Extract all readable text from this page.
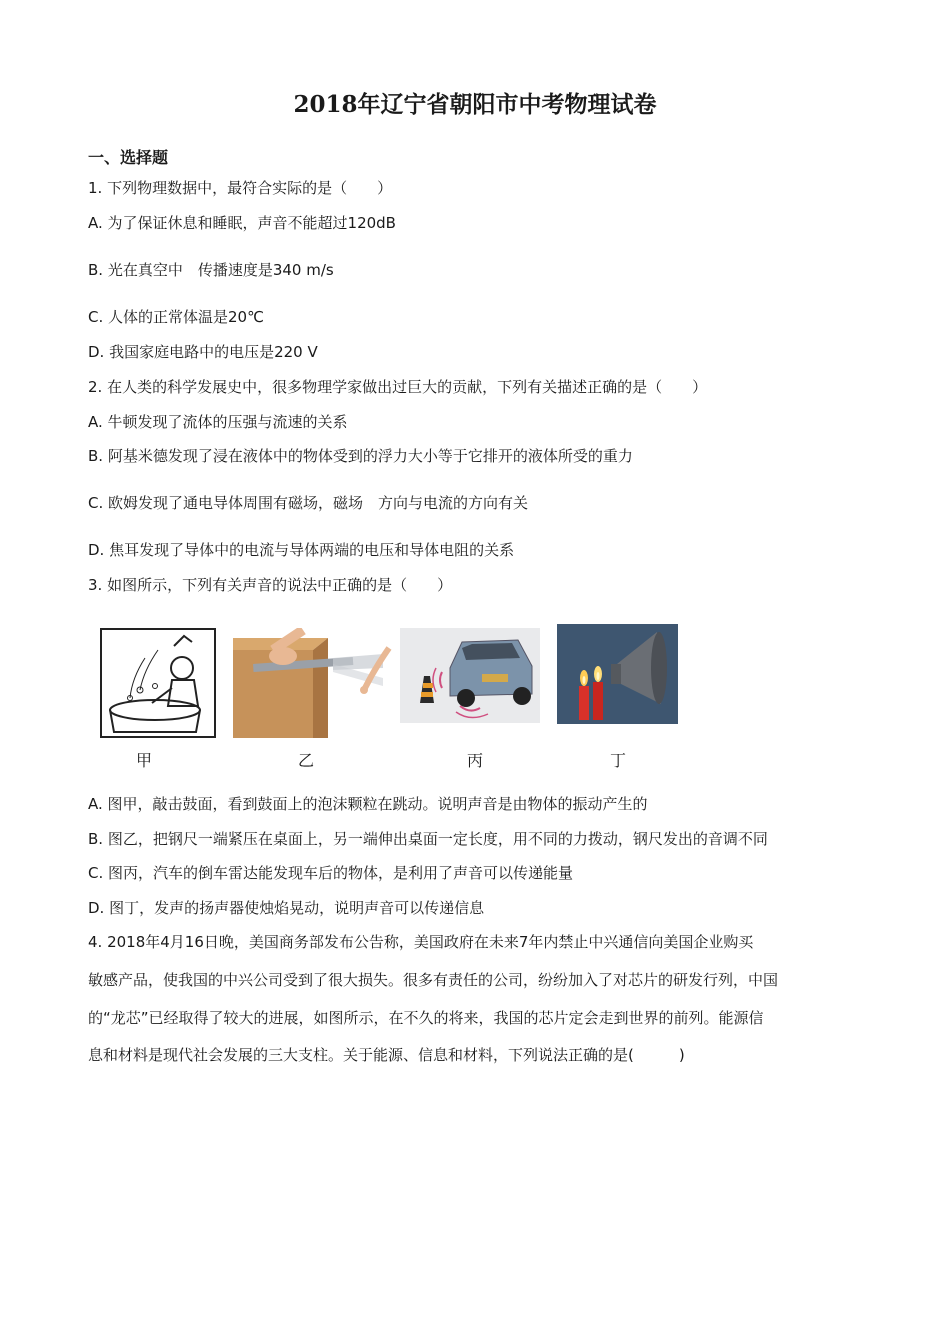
2018年辽宁省朝阳市中考物理试卷
一、选择题
1. 下列物理数据中，最符合实际的是（　　）
A. 为了保证休息和睡眠，声音不能超过120dB
B. 光在真空中　传播速度是340 m/s
C. 人体的正常体温是20℃
D. 我国家庭电路中的电压是220 V
2. 在人类的科学发展史中，很多物理学家做出过巨大的贡献，下列有关描述正确的是（　　）
A. 牛顿发现了流体的压强与流速的关系
B. 阿基米德发现了浸在液体中的物体受到的浮力大小等于它排开的液体所受的重力
C. 欧姆发现了通电导体周围有磁场，磁场　方向与电流的方向有关
D. 焦耳发现了导体中的电流与导体两端的电压和导体电阻的关系
3. 如图所示，下列有关声音的说法中正确的是（　　）
甲	乙	丙	丁
A. 图甲，敲击鼓面，看到鼓面上的泡沫颗粒在跳动。说明声音是由物体的振动产生的
B. 图乙，把钢尺一端紧压在桌面上，另一端伸出桌面一定长度，用不同的力拨动，钢尺发出的音调不同
C. 图丙，汽车的倒车雷达能发现车后的物体，是利用了声音可以传递能量
D. 图丁，发声的扬声器使烛焰晃动，说明声音可以传递信息
4. 2018年4月16日晚，美国商务部发布公告称，美国政府在未来7年内禁止中兴通信向美国企业购买
敏感产品，使我国的中兴公司受到了很大损失。很多有责任的公司，纷纷加入了对芯片的研发行列，中国
的“龙芯”已经取得了较大的进展，如图所示，在不久的将来，我国的芯片定会走到世界的前列。能源信
息和材料是现代社会发展的三大支柱。关于能源、信息和材料，下列说法正确的是(　　　)
